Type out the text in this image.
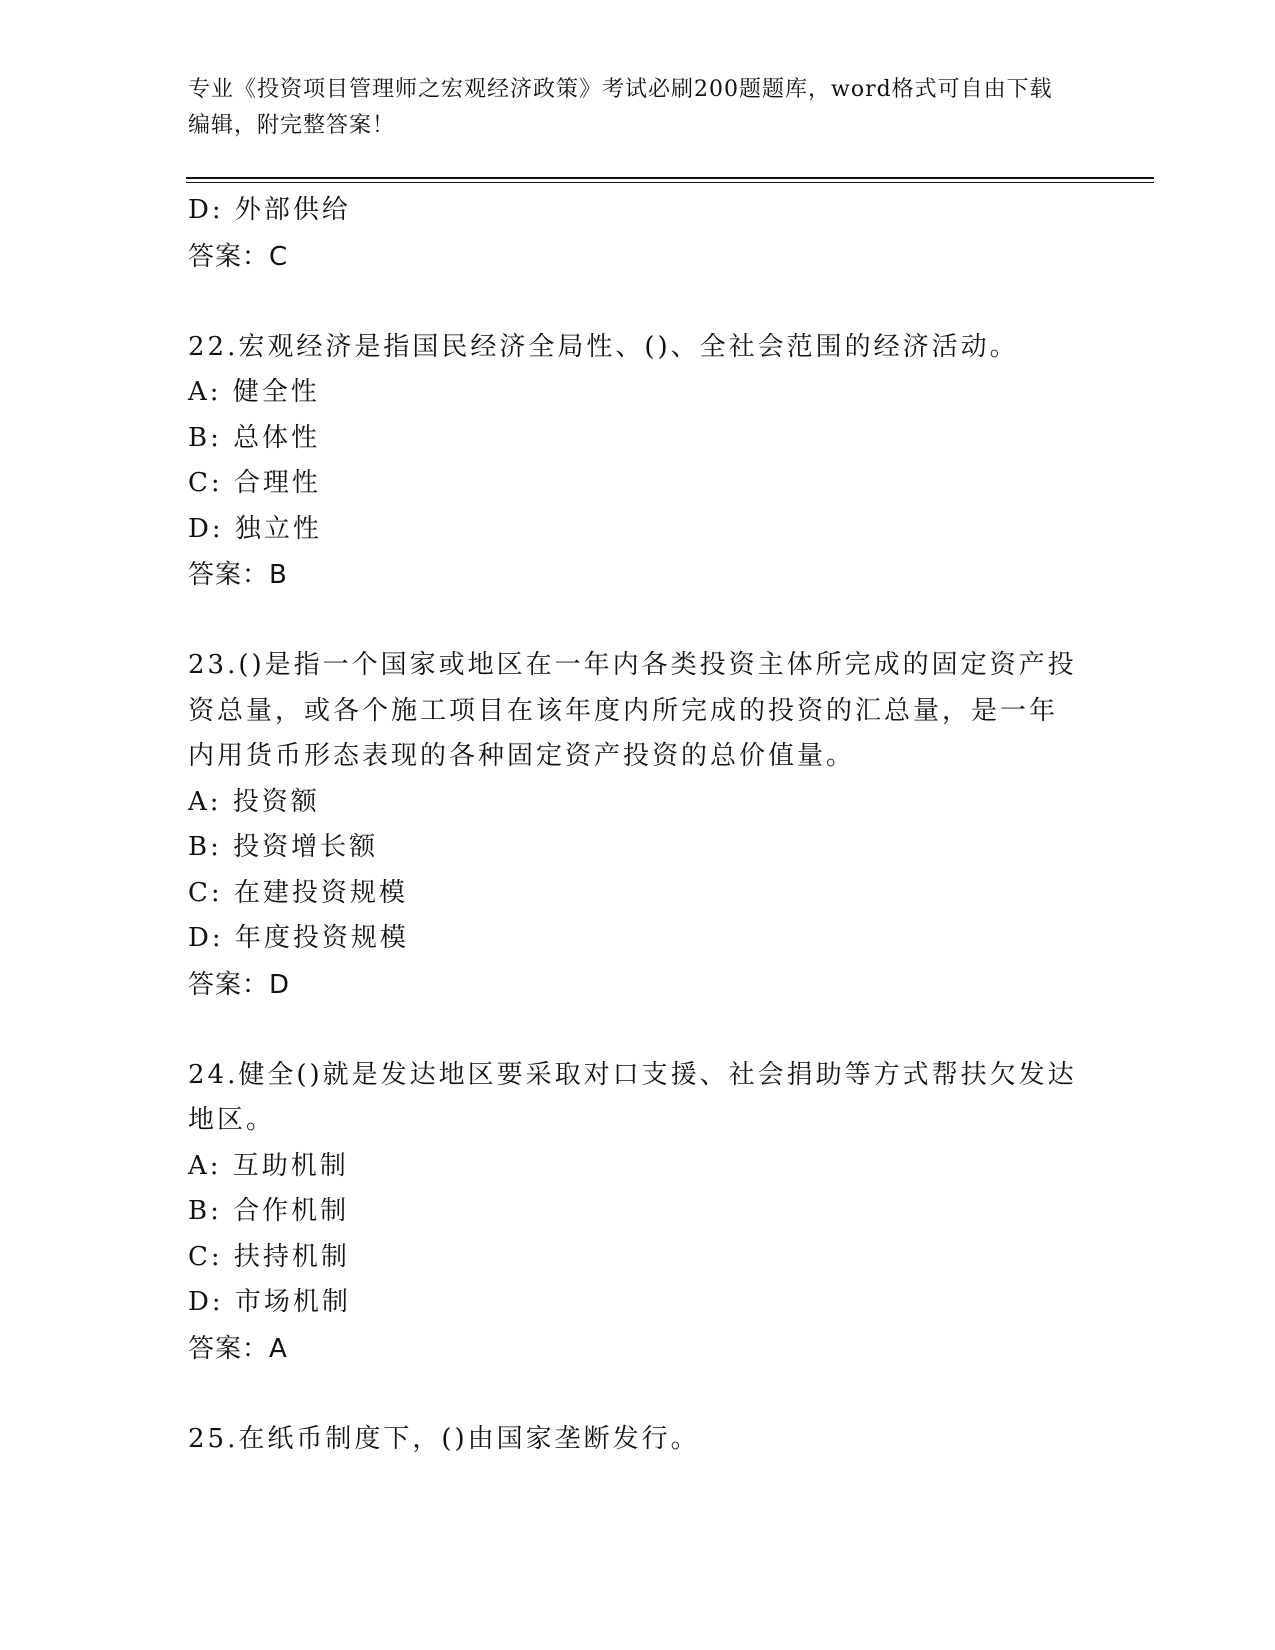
专业《投资项目管理师之宏观经济政策》考试必刷200题题库，word格式可自由下载编辑，附完整答案！
D: 外部供给
答案：C
22.宏观经济是指国民经济全局性、()、全社会范围的经济活动。
A: 健全性
B: 总体性
C: 合理性
D: 独立性
答案：B
23.()是指一个国家或地区在一年内各类投资主体所完成的固定资产投资总量，或各个施工项目在该年度内所完成的投资的汇总量，是一年内用货币形态表现的各种固定资产投资的总价值量。
A: 投资额
B: 投资增长额
C: 在建投资规模
D: 年度投资规模
答案：D
24.健全()就是发达地区要采取对口支援、社会捐助等方式帮扶欠发达地区。
A: 互助机制
B: 合作机制
C: 扶持机制
D: 市场机制
答案：A
25.在纸币制度下，()由国家垄断发行。
